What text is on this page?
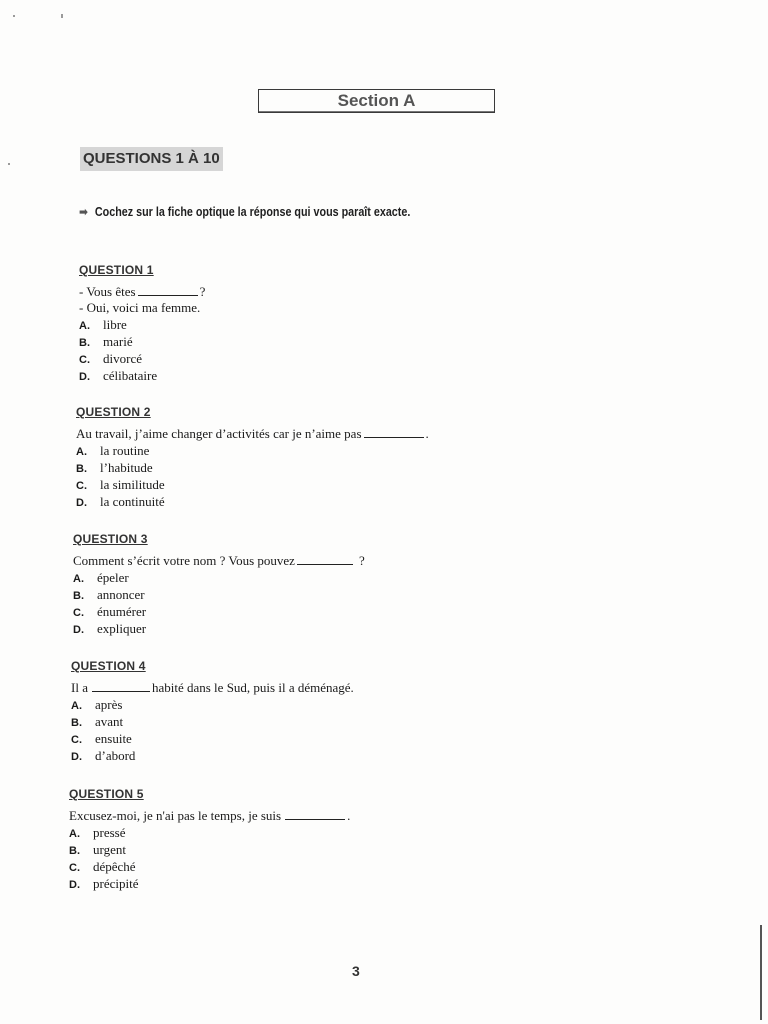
Section A
QUESTIONS 1 À 10
➡ Cochez sur la fiche optique la réponse qui vous paraît exacte.
QUESTION 1
- Vous êtes	?
- Oui, voici ma femme.
A. libre
B. marié
C. divorcé
D. célibataire
QUESTION 2
Au travail, j’aime changer d’activités car je n’aime pas	.
A. la routine
B. l’habitude
C. la similitude
D. la continuité
QUESTION 3
Comment s’écrit votre nom ? Vous pouvez	?
A. épeler
B. annoncer
C. énumérer
D. expliquer
QUESTION 4
Il a	habité dans le Sud, puis il a déménagé.
A. après
B. avant
C. ensuite
D. d’abord
QUESTION 5
Excusez-moi, je n'ai pas le temps, je suis	.
A. pressé
B. urgent
C. dépêché
D. précipité
3
